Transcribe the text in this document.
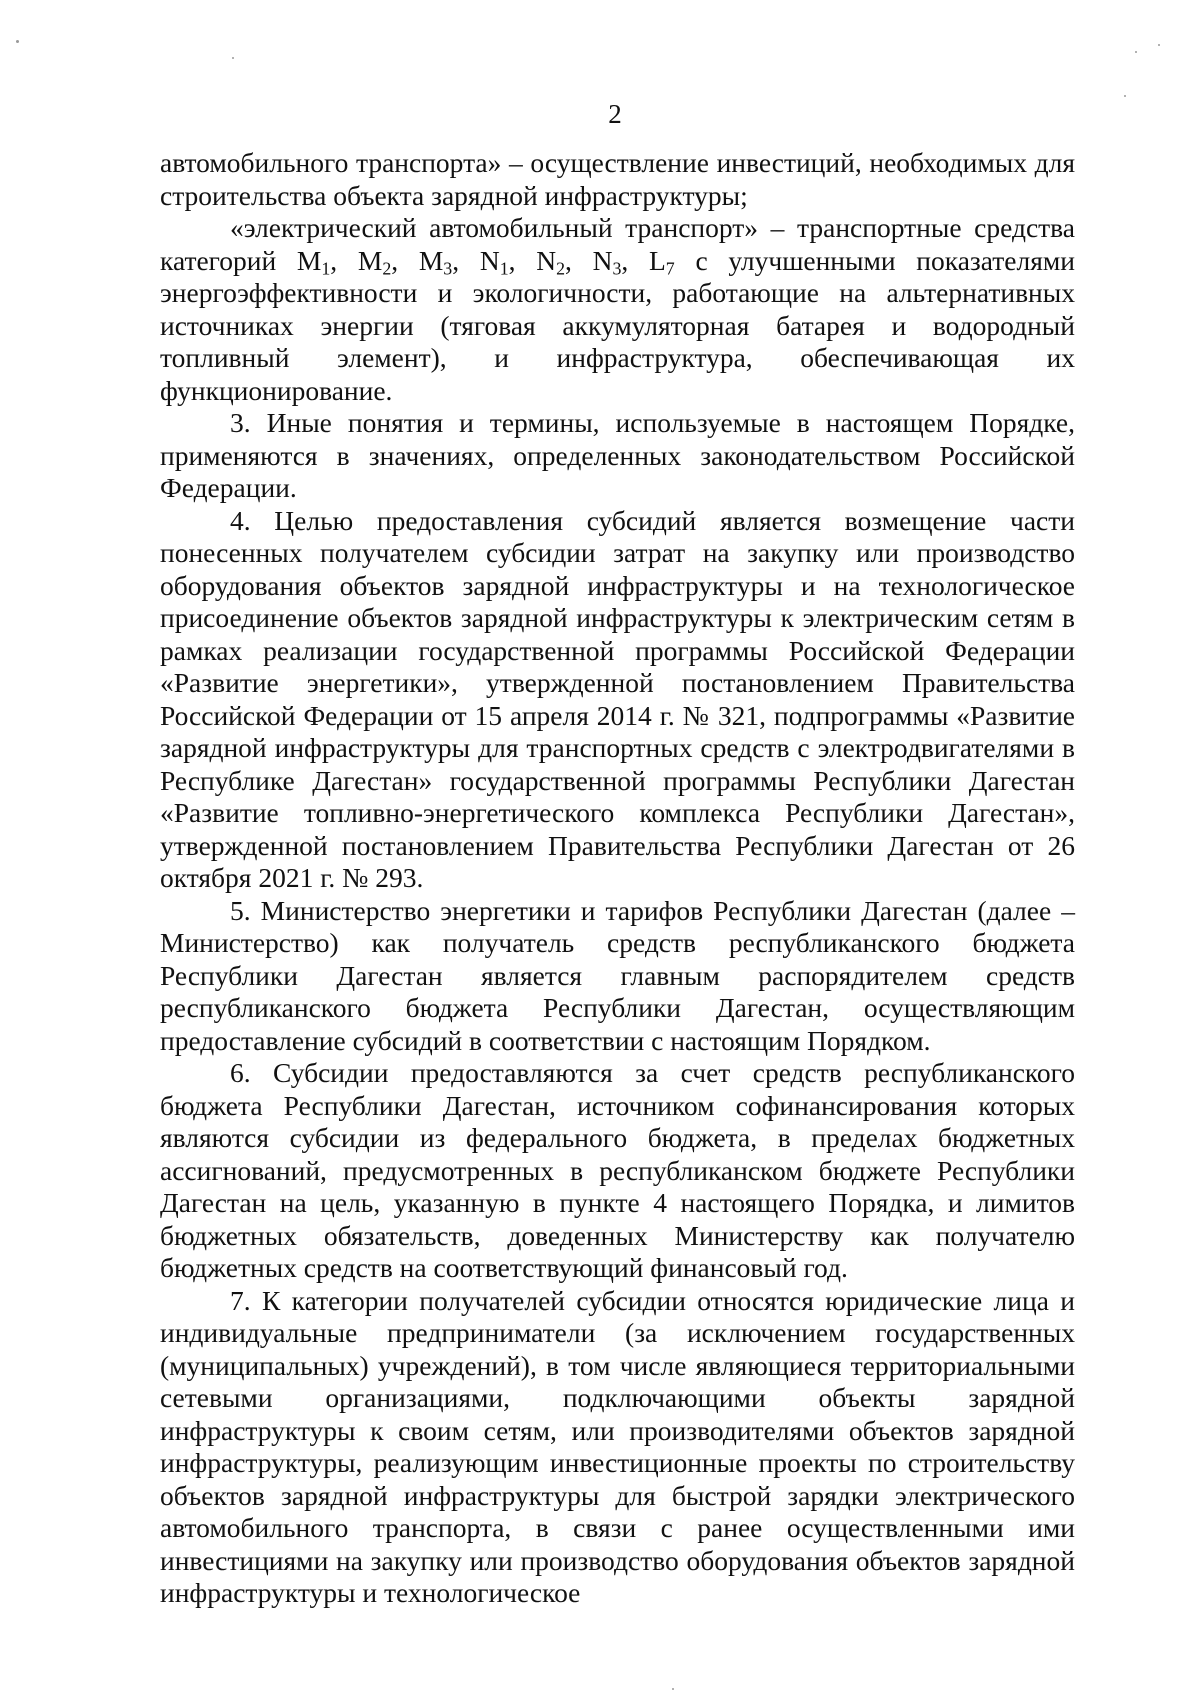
2

автомобильного транспорта» – осуществление инвестиций, необходимых для строительства объекта зарядной инфраструктуры;

«электрический автомобильный транспорт» – транспортные средства категорий $M_1$, $M_2$, $M_3$, $N_1$, $N_2$, $N_3$, $L_7$ с улучшенными показателями энергоэффективности и экологичности, работающие на альтернативных источниках энергии (тяговая аккумуляторная батарея и водородный топливный элемент), и инфраструктура, обеспечивающая их функционирование.

3. Иные понятия и термины, используемые в настоящем Порядке, применяются в значениях, определенных законодательством Российской Федерации.

4. Целью предоставления субсидий является возмещение части понесенных получателем субсидии затрат на закупку или производство оборудования объектов зарядной инфраструктуры и на технологическое присоединение объектов зарядной инфраструктуры к электрическим сетям в рамках реализации государственной программы Российской Федерации «Развитие энергетики», утвержденной постановлением Правительства Российской Федерации от 15 апреля 2014 г. № 321, подпрограммы «Развитие зарядной инфраструктуры для транспортных средств с электродвигателями в Республике Дагестан» государственной программы Республики Дагестан «Развитие топливно-энергетического комплекса Республики Дагестан», утвержденной постановлением Правительства Республики Дагестан от 26 октября 2021 г. № 293.

5. Министерство энергетики и тарифов Республики Дагестан (далее – Министерство) как получатель средств республиканского бюджета Республики Дагестан является главным распорядителем средств республиканского бюджета Республики Дагестан, осуществляющим предоставление субсидий в соответствии с настоящим Порядком.

6. Субсидии предоставляются за счет средств республиканского бюджета Республики Дагестан, источником софинансирования которых являются субсидии из федерального бюджета, в пределах бюджетных ассигнований, предусмотренных в республиканском бюджете Республики Дагестан на цель, указанную в пункте 4 настоящего Порядка, и лимитов бюджетных обязательств, доведенных Министерству как получателю бюджетных средств на соответствующий финансовый год.

7. К категории получателей субсидии относятся юридические лица и индивидуальные предприниматели (за исключением государственных (муниципальных) учреждений), в том числе являющиеся территориальными сетевыми организациями, подключающими объекты зарядной инфраструктуры к своим сетям, или производителями объектов зарядной инфраструктуры, реализующим инвестиционные проекты по строительству объектов зарядной инфраструктуры для быстрой зарядки электрического автомобильного транспорта, в связи с ранее осуществленными ими инвестициями на закупку или производство оборудования объектов зарядной инфраструктуры и технологическое
